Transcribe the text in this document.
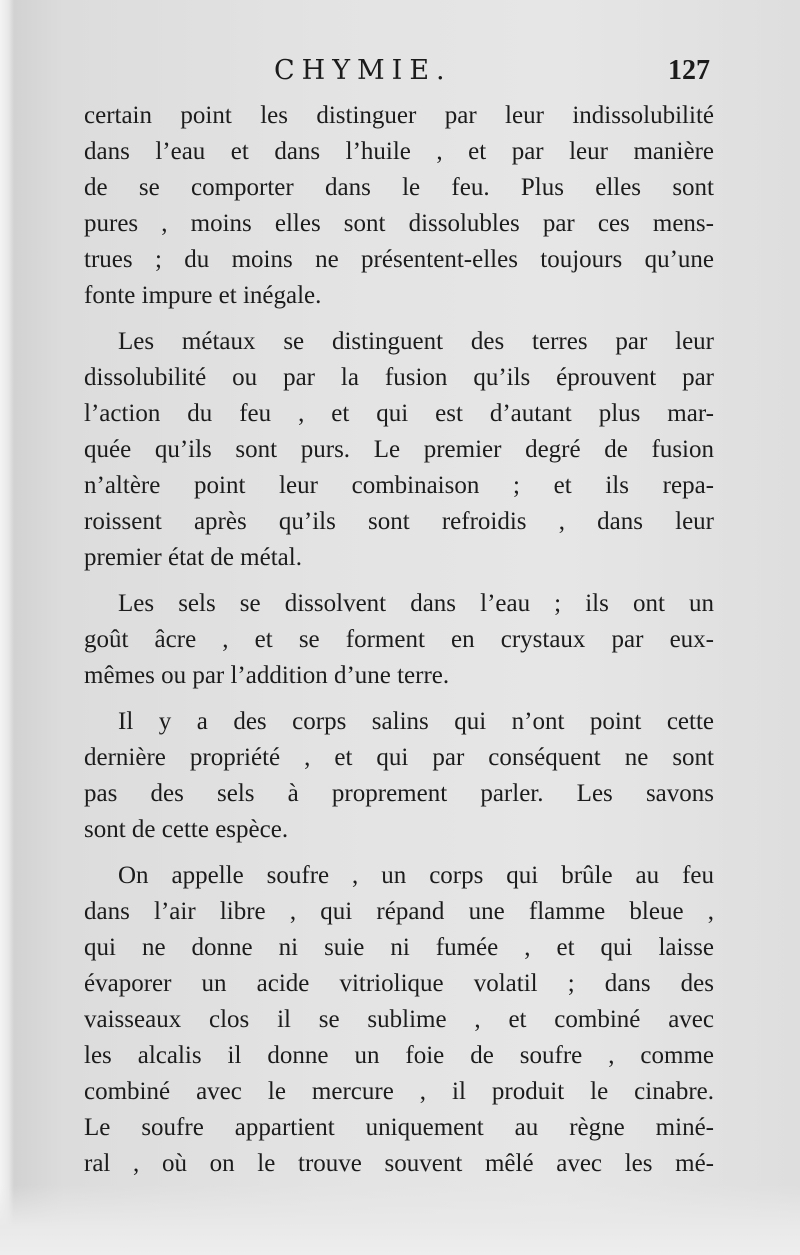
CHYMIE.	127
certain point les distinguer par leur indissolubilité
dans l’eau et dans l’huile , et par leur manière
de se comporter dans le feu. Plus elles sont
pures , moins elles sont dissolubles par ces mens-
trues ; du moins ne présentent-elles toujours qu’une
fonte impure et inégale.
Les métaux se distinguent des terres par leur
dissolubilité ou par la fusion qu’ils éprouvent par
l’action du feu , et qui est d’autant plus mar-
quée qu’ils sont purs. Le premier degré de fusion
n’altère point leur combinaison ; et ils repa-
roissent après qu’ils sont refroidis , dans leur
premier état de métal.
Les sels se dissolvent dans l’eau ; ils ont un
goût âcre , et se forment en crystaux par eux-
mêmes ou par l’addition d’une terre.
Il y a des corps salins qui n’ont point cette
dernière propriété , et qui par conséquent ne sont
pas des sels à proprement parler. Les savons
sont de cette espèce.
On appelle soufre , un corps qui brûle au feu
dans l’air libre , qui répand une flamme bleue ,
qui ne donne ni suie ni fumée , et qui laisse
évaporer un acide vitriolique volatil ; dans des
vaisseaux clos il se sublime , et combiné avec
les alcalis il donne un foie de soufre , comme
combiné avec le mercure , il produit le cinabre.
Le soufre appartient uniquement au règne miné-
ral , où on le trouve souvent mêlé avec les mé-
